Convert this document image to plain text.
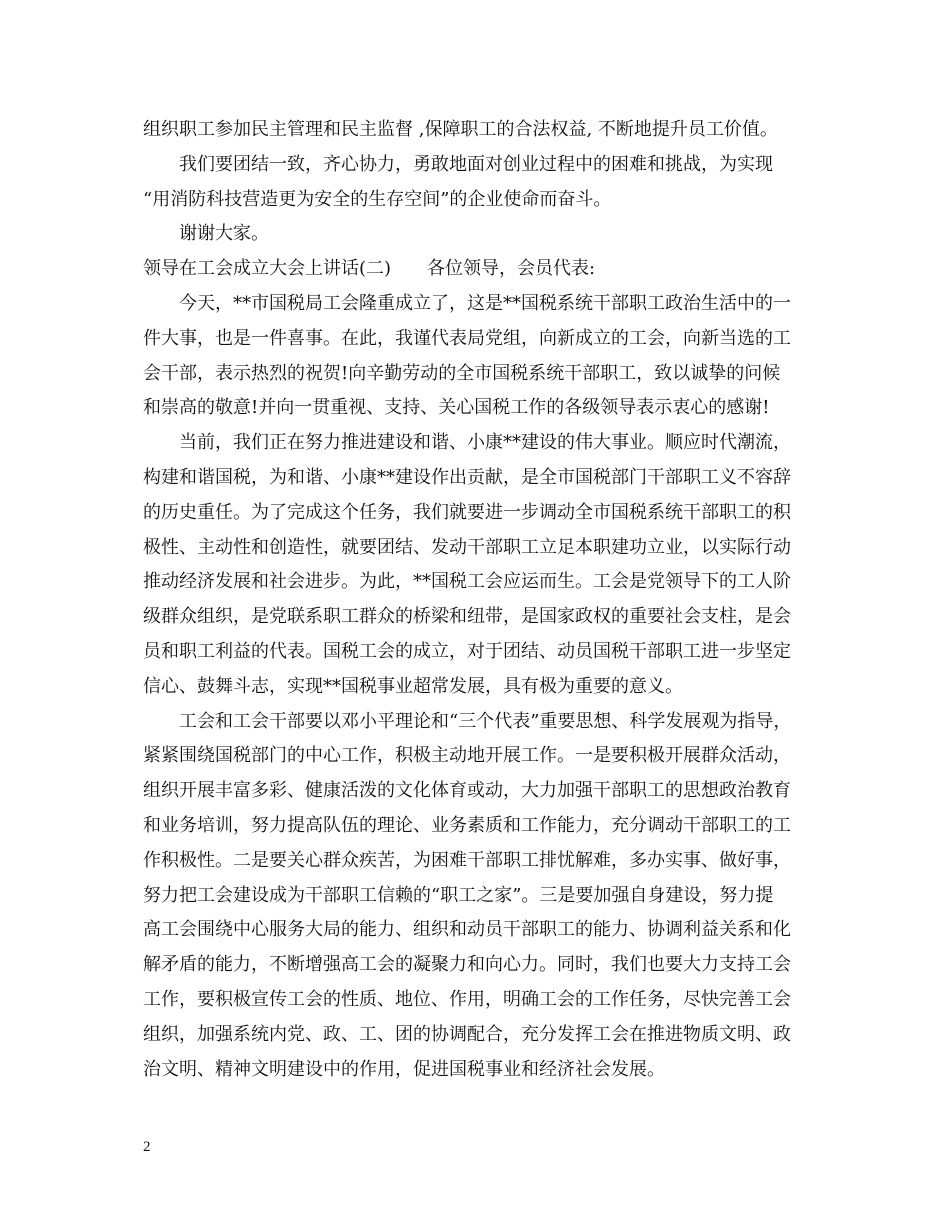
组织职工参加民主管理和民主监督 ,保障职工的合法权益, 不断地提升员工价值。
我们要团结一致，齐心协力，勇敢地面对创业过程中的困难和挑战，为实现
“用消防科技营造更为安全的生存空间”的企业使命而奋斗。
谢谢大家。
领导在工会成立大会上讲话(二) 各位领导，会员代表:
今天，**市国税局工会隆重成立了，这是**国税系统干部职工政治生活中的一
件大事，也是一件喜事。在此，我谨代表局党组，向新成立的工会，向新当选的工
会干部，表示热烈的祝贺!向辛勤劳动的全市国税系统干部职工，致以诚挚的问候
和崇高的敬意!并向一贯重视、支持、关心国税工作的各级领导表示衷心的感谢!
当前，我们正在努力推进建设和谐、小康**建设的伟大事业。顺应时代潮流，
构建和谐国税，为和谐、小康**建设作出贡献，是全市国税部门干部职工义不容辞
的历史重任。为了完成这个任务，我们就要进一步调动全市国税系统干部职工的积
极性、主动性和创造性，就要团结、发动干部职工立足本职建功立业，以实际行动
推动经济发展和社会进步。为此，**国税工会应运而生。工会是党领导下的工人阶
级群众组织，是党联系职工群众的桥梁和纽带，是国家政权的重要社会支柱，是会
员和职工利益的代表。国税工会的成立，对于团结、动员国税干部职工进一步坚定
信心、鼓舞斗志，实现**国税事业超常发展，具有极为重要的意义。
工会和工会干部要以邓小平理论和“三个代表”重要思想、科学发展观为指导，
紧紧围绕国税部门的中心工作，积极主动地开展工作。一是要积极开展群众活动，
组织开展丰富多彩、健康活泼的文化体育或动，大力加强干部职工的思想政治教育
和业务培训，努力提高队伍的理论、业务素质和工作能力，充分调动干部职工的工
作积极性。二是要关心群众疾苦，为困难干部职工排忧解难，多办实事、做好事，
努力把工会建设成为干部职工信赖的“职工之家”。三是要加强自身建设，努力提
高工会围绕中心服务大局的能力、组织和动员干部职工的能力、协调利益关系和化
解矛盾的能力，不断增强高工会的凝聚力和向心力。同时，我们也要大力支持工会
工作，要积极宣传工会的性质、地位、作用，明确工会的工作任务，尽快完善工会
组织，加强系统内党、政、工、团的协调配合，充分发挥工会在推进物质文明、政
治文明、精神文明建设中的作用，促进国税事业和经济社会发展。
2
